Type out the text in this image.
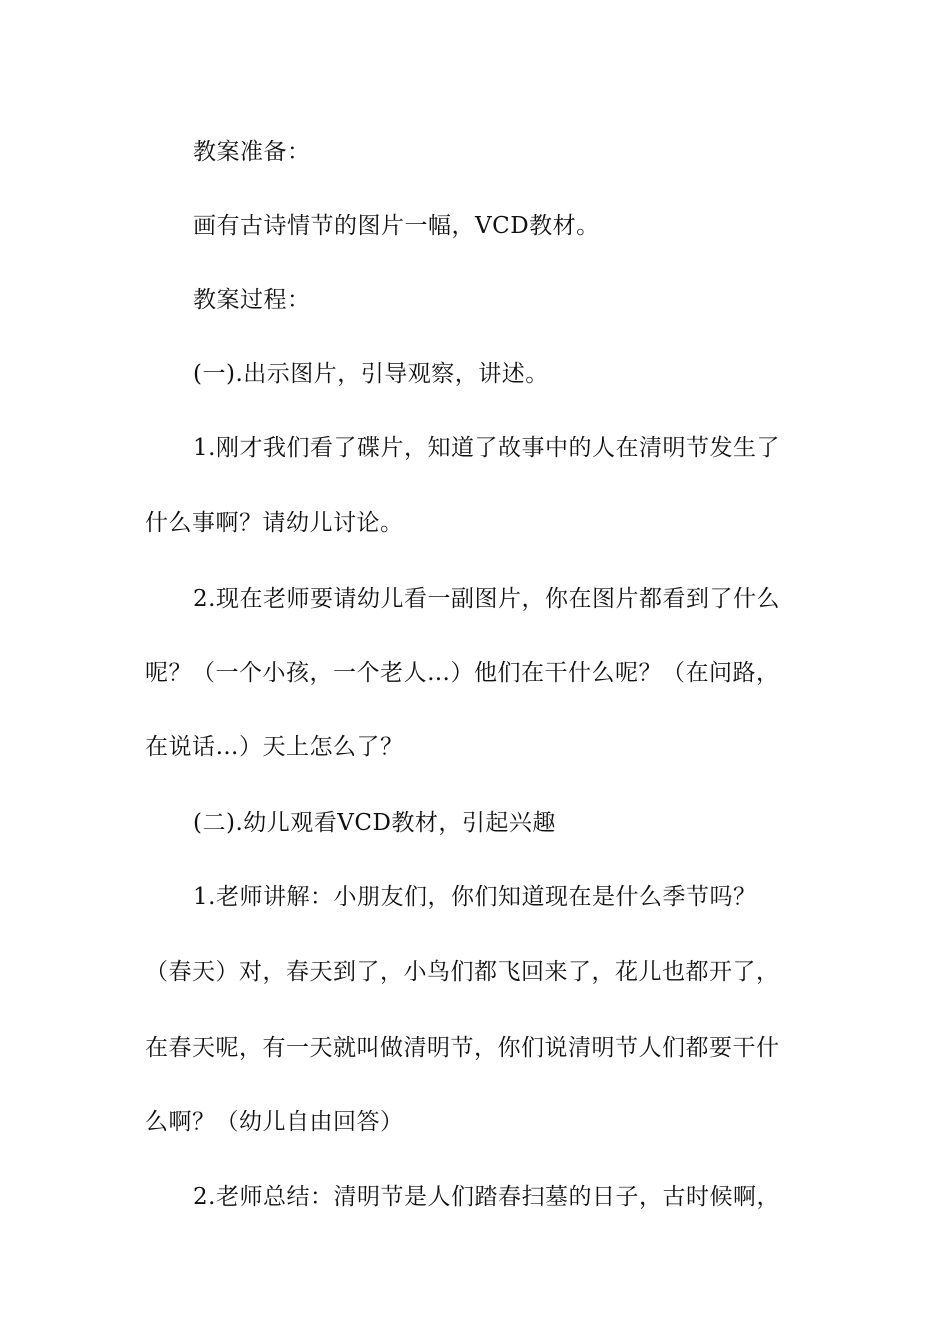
教案准备：
画有古诗情节的图片一幅，VCD教材。
教案过程：
(一).出示图片，引导观察，讲述。
1.刚才我们看了碟片，知道了故事中的人在清明节发生了
什么事啊？请幼儿讨论。
2.现在老师要请幼儿看一副图片，你在图片都看到了什么
呢？（一个小孩，一个老人…）他们在干什么呢？（在问路，
在说话…）天上怎么了？
(二).幼儿观看VCD教材，引起兴趣
1.老师讲解：小朋友们，你们知道现在是什么季节吗？
（春天）对，春天到了，小鸟们都飞回来了，花儿也都开了，
在春天呢，有一天就叫做清明节，你们说清明节人们都要干什
么啊？（幼儿自由回答）
2.老师总结：清明节是人们踏春扫墓的日子，古时候啊，
